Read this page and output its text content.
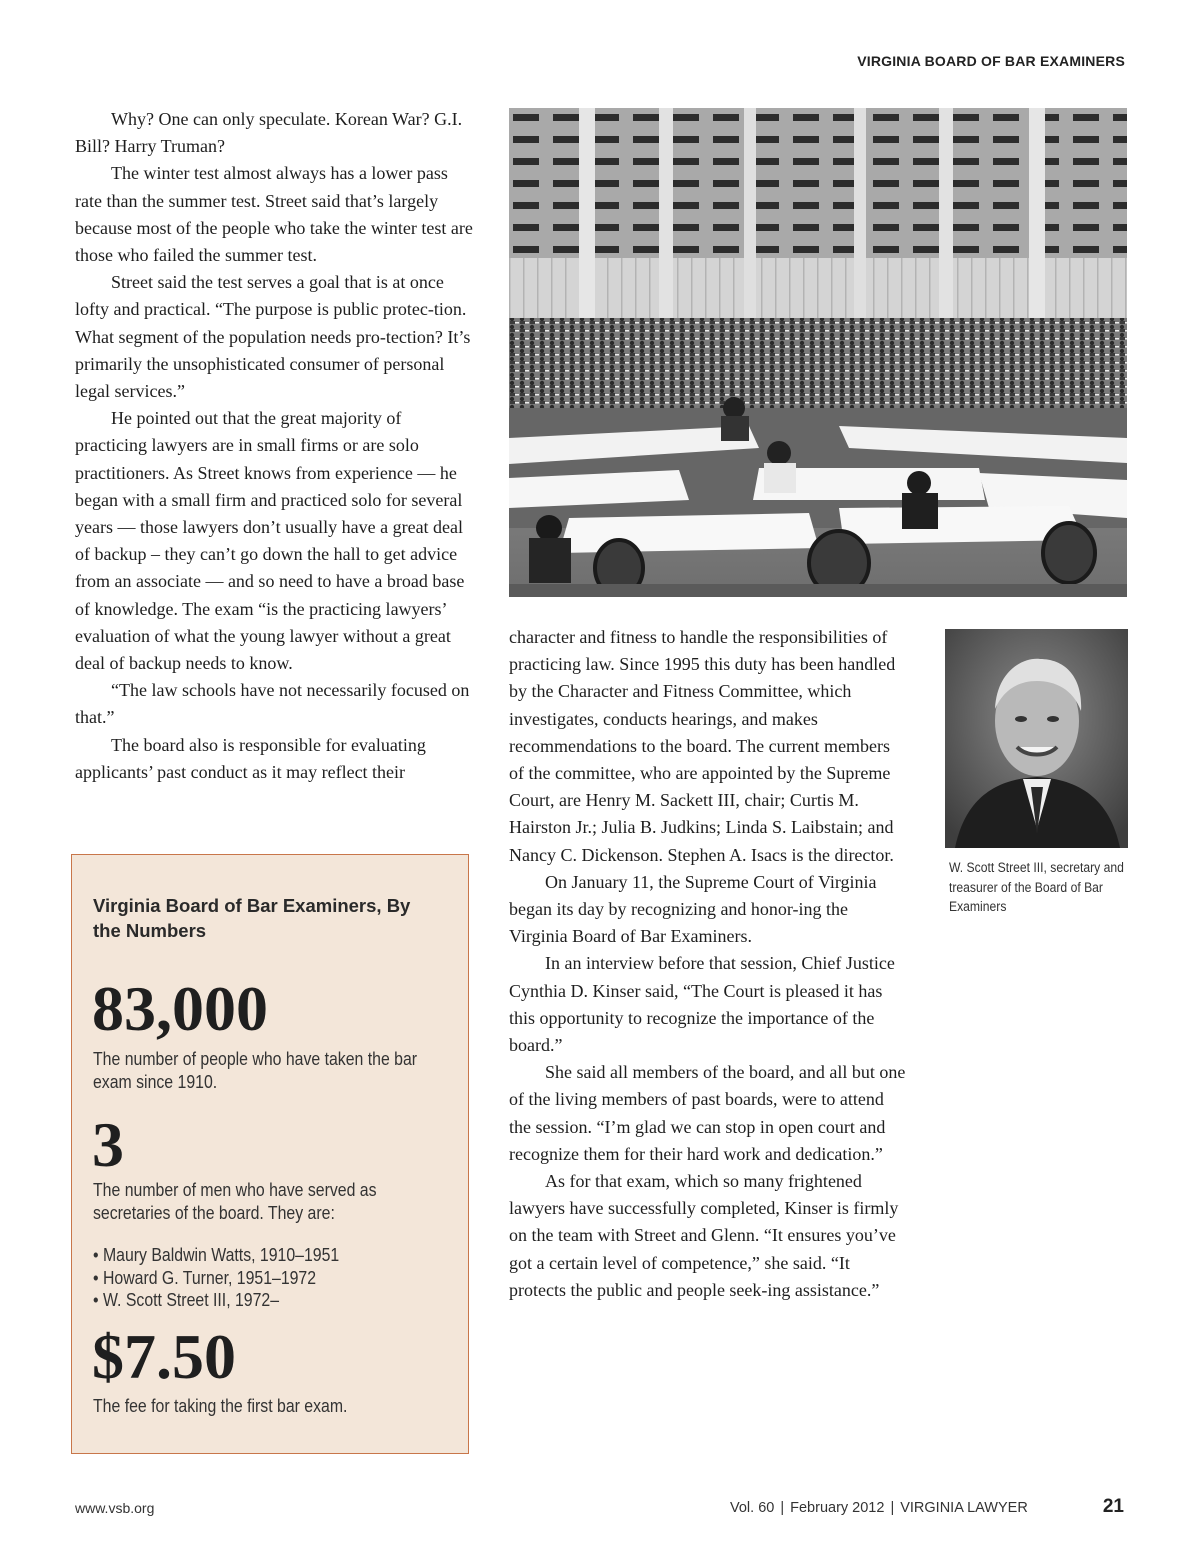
VIRGINIA BOARD OF BAR EXAMINERS

Why? One can only speculate. Korean War? G.I. Bill? Harry Truman?

The winter test almost always has a lower pass rate than the summer test. Street said that’s largely because most of the people who take the winter test are those who failed the summer test.

Street said the test serves a goal that is at once lofty and practical. “The purpose is public protec-tion. What segment of the population needs pro-tection? It’s primarily the unsophisticated consumer of personal legal services.”

He pointed out that the great majority of practicing lawyers are in small firms or are solo practitioners. As Street knows from experience — he began with a small firm and practiced solo for several years — those lawyers don’t usually have a great deal of backup – they can’t go down the hall to get advice from an associate — and so need to have a broad base of knowledge. The exam “is the practicing lawyers’ evaluation of what the young lawyer without a great deal of backup needs to know.

“The law schools have not necessarily focused on that.”

The board also is responsible for evaluating applicants’ past conduct as it may reflect their

character and fitness to handle the responsibilities of practicing law. Since 1995 this duty has been handled by the Character and Fitness Committee, which investigates, conducts hearings, and makes recommendations to the board. The current members of the committee, who are appointed by the Supreme Court, are Henry M. Sackett III, chair; Curtis M. Hairston Jr.; Julia B. Judkins; Linda S. Laibstain; and Nancy C. Dickenson. Stephen A. Isacs is the director.

On January 11, the Supreme Court of Virginia began its day by recognizing and honor-ing the Virginia Board of Bar Examiners.

In an interview before that session, Chief Justice Cynthia D. Kinser said, “The Court is pleased it has this opportunity to recognize the importance of the board.”

She said all members of the board, and all but one of the living members of past boards, were to attend the session. “I’m glad we can stop in open court and recognize them for their hard work and dedication.”

As for that exam, which so many frightened lawyers have successfully completed, Kinser is firmly on the team with Street and Glenn. “It ensures you’ve got a certain level of competence,” she said. “It protects the public and people seek-ing assistance.”

W. Scott Street III, secretary and treasurer of the Board of Bar Examiners
Virginia Board of Bar Examiners, By the Numbers
83,000
The number of people who have taken the bar exam since 1910.
3
The number of men who have served as secretaries of the board. They are:
• Maury Baldwin Watts, 1910–1951
• Howard G. Turner, 1951–1972
• W. Scott Street III, 1972–
$7.50
The fee for taking the first bar exam.
www.vsb.org	Vol. 60 | February 2012 | VIRGINIA LAWYER	21
